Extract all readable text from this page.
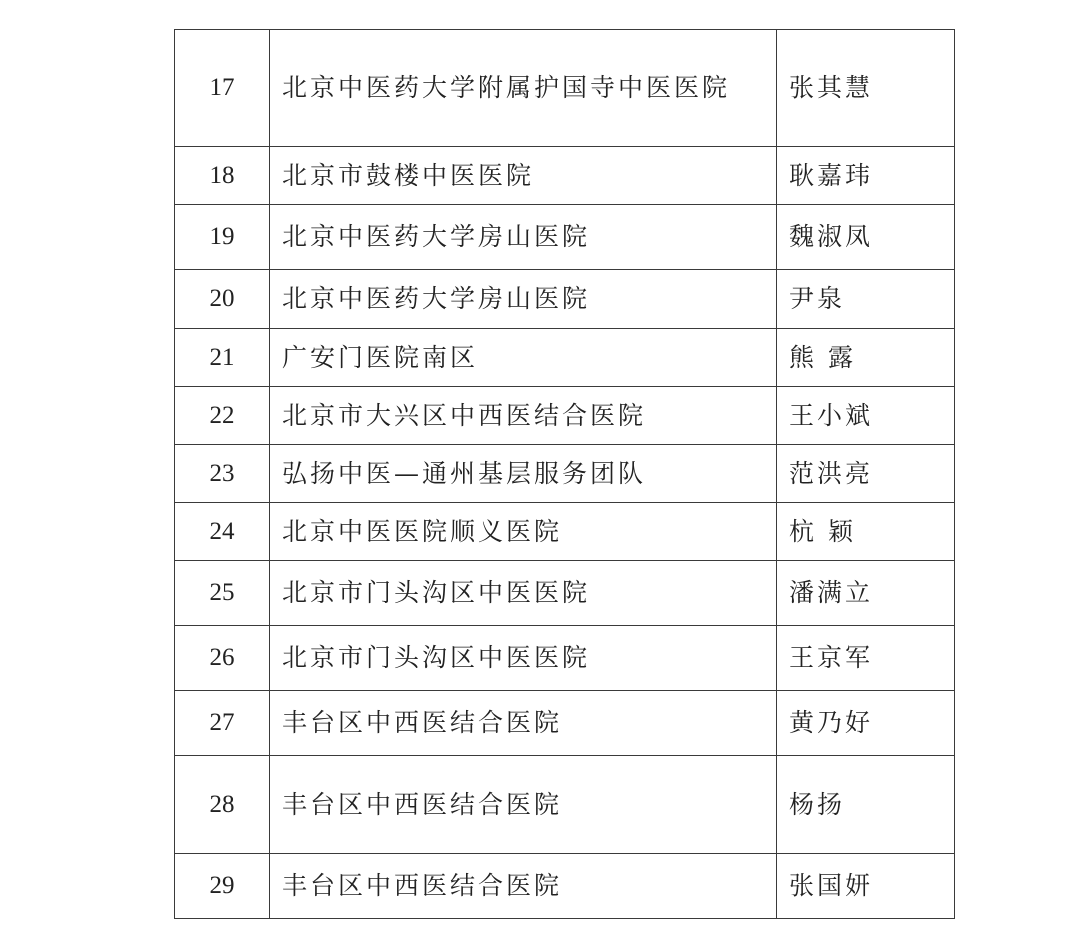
17	北京中医药大学附属护国寺中医医院	张其慧
18	北京市鼓楼中医医院	耿嘉玮
19	北京中医药大学房山医院	魏淑凤
20	北京中医药大学房山医院	尹泉
21	广安门医院南区	熊 露
22	北京市大兴区中西医结合医院	王小斌
23	弘扬中医—通州基层服务团队	范洪亮
24	北京中医医院顺义医院	杭 颖
25	北京市门头沟区中医医院	潘满立
26	北京市门头沟区中医医院	王京军
27	丰台区中西医结合医院	黄乃好
28	丰台区中西医结合医院	杨扬
29	丰台区中西医结合医院	张国妍
